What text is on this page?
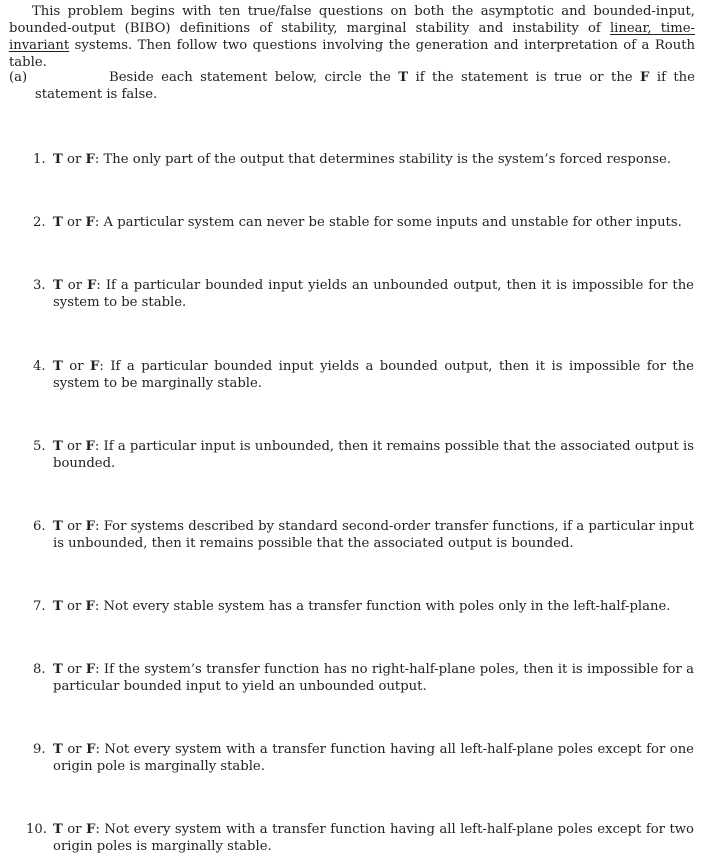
This problem begins with ten true/false questions on both the asymptotic and bounded-input, bounded-output (BIBO) definitions of stability, marginal stability and instability of linear, time-invariant systems. Then follow two questions involving the generation and interpretation of a Routh table.
(a)	Beside each statement below, circle the T if the statement is true or the F if the statement is false.
1. T or F: The only part of the output that determines stability is the system’s forced response.
2. T or F: A particular system can never be stable for some inputs and unstable for other inputs.
3. T or F: If a particular bounded input yields an unbounded output, then it is impossible for the system to be stable.
4. T or F: If a particular bounded input yields a bounded output, then it is impossible for the system to be marginally stable.
5. T or F: If a particular input is unbounded, then it remains possible that the associated output is bounded.
6. T or F: For systems described by standard second-order transfer functions, if a particular input is unbounded, then it remains possible that the associated output is bounded.
7. T or F: Not every stable system has a transfer function with poles only in the left-half-plane.
8. T or F: If the system’s transfer function has no right-half-plane poles, then it is impossible for a particular bounded input to yield an unbounded output.
9. T or F: Not every system with a transfer function having all left-half-plane poles except for one origin pole is marginally stable.
10. T or F: Not every system with a transfer function having all left-half-plane poles except for two origin poles is marginally stable.
